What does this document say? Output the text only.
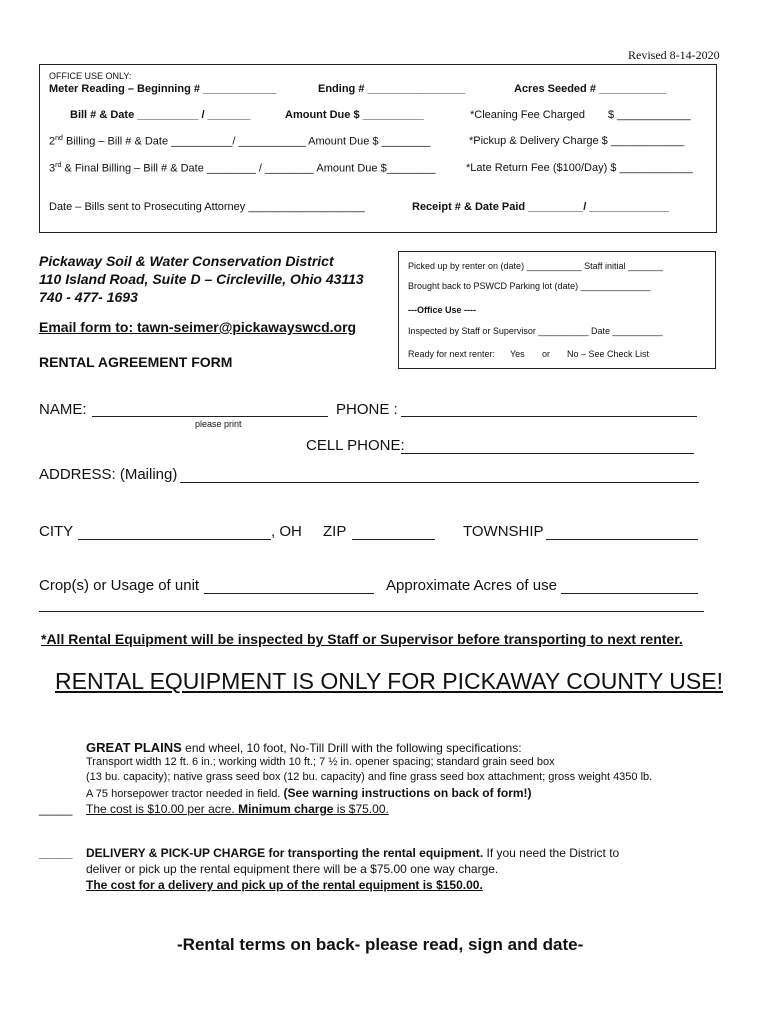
Revised 8-14-2020
OFFICE USE ONLY:
Meter Reading – Beginning # ____________	Ending # ________________	Acres Seeded # ___________
Bill # & Date __________ / _______	Amount Due $ __________	*Cleaning Fee Charged $ ____________
2nd Billing – Bill # & Date __________/ ___________ Amount Due $ ________	*Pickup & Delivery Charge $ ____________
3rd & Final Billing – Bill # & Date ________ / ________ Amount Due $________	*Late Return Fee ($100/Day) $ ____________
Date – Bills sent to Prosecuting Attorney ___________________	Receipt # & Date Paid _________/ _____________
Pickaway Soil & Water Conservation District
110 Island Road, Suite D – Circleville, Ohio 43113
740 - 477- 1693
Email form to: tawn-seimer@pickawayswcd.org
RENTAL AGREEMENT FORM
Picked up by renter on (date) ___________ Staff initial _______
Brought back to PSWCD Parking lot (date) ______________
---Office Use ----
Inspected by Staff or Supervisor __________ Date __________
Ready for next renter: Yes or No – See Check List
NAME:
please print
PHONE :
CELL PHONE:
ADDRESS: (Mailing)
CITY	, OH ZIP	TOWNSHIP
Crop(s) or Usage of unit	Approximate Acres of use
*All Rental Equipment will be inspected by Staff or Supervisor before transporting to next renter.
RENTAL EQUIPMENT IS ONLY FOR PICKAWAY COUNTY USE!
GREAT PLAINS end wheel, 10 foot, No-Till Drill with the following specifications:
Transport width 12 ft. 6 in.; working width 10 ft.; 7 ½ in. opener spacing; standard grain seed box
(13 bu. capacity); native grass seed box (12 bu. capacity) and fine grass seed box attachment; gross weight 4350 lb.
A 75 horsepower tractor needed in field. (See warning instructions on back of form!)
_____ The cost is $10.00 per acre. Minimum charge is $75.00.
_____ DELIVERY & PICK-UP CHARGE for transporting the rental equipment. If you need the District to
deliver or pick up the rental equipment there will be a $75.00 one way charge.
The cost for a delivery and pick up of the rental equipment is $150.00.
-Rental terms on back- please read, sign and date-
